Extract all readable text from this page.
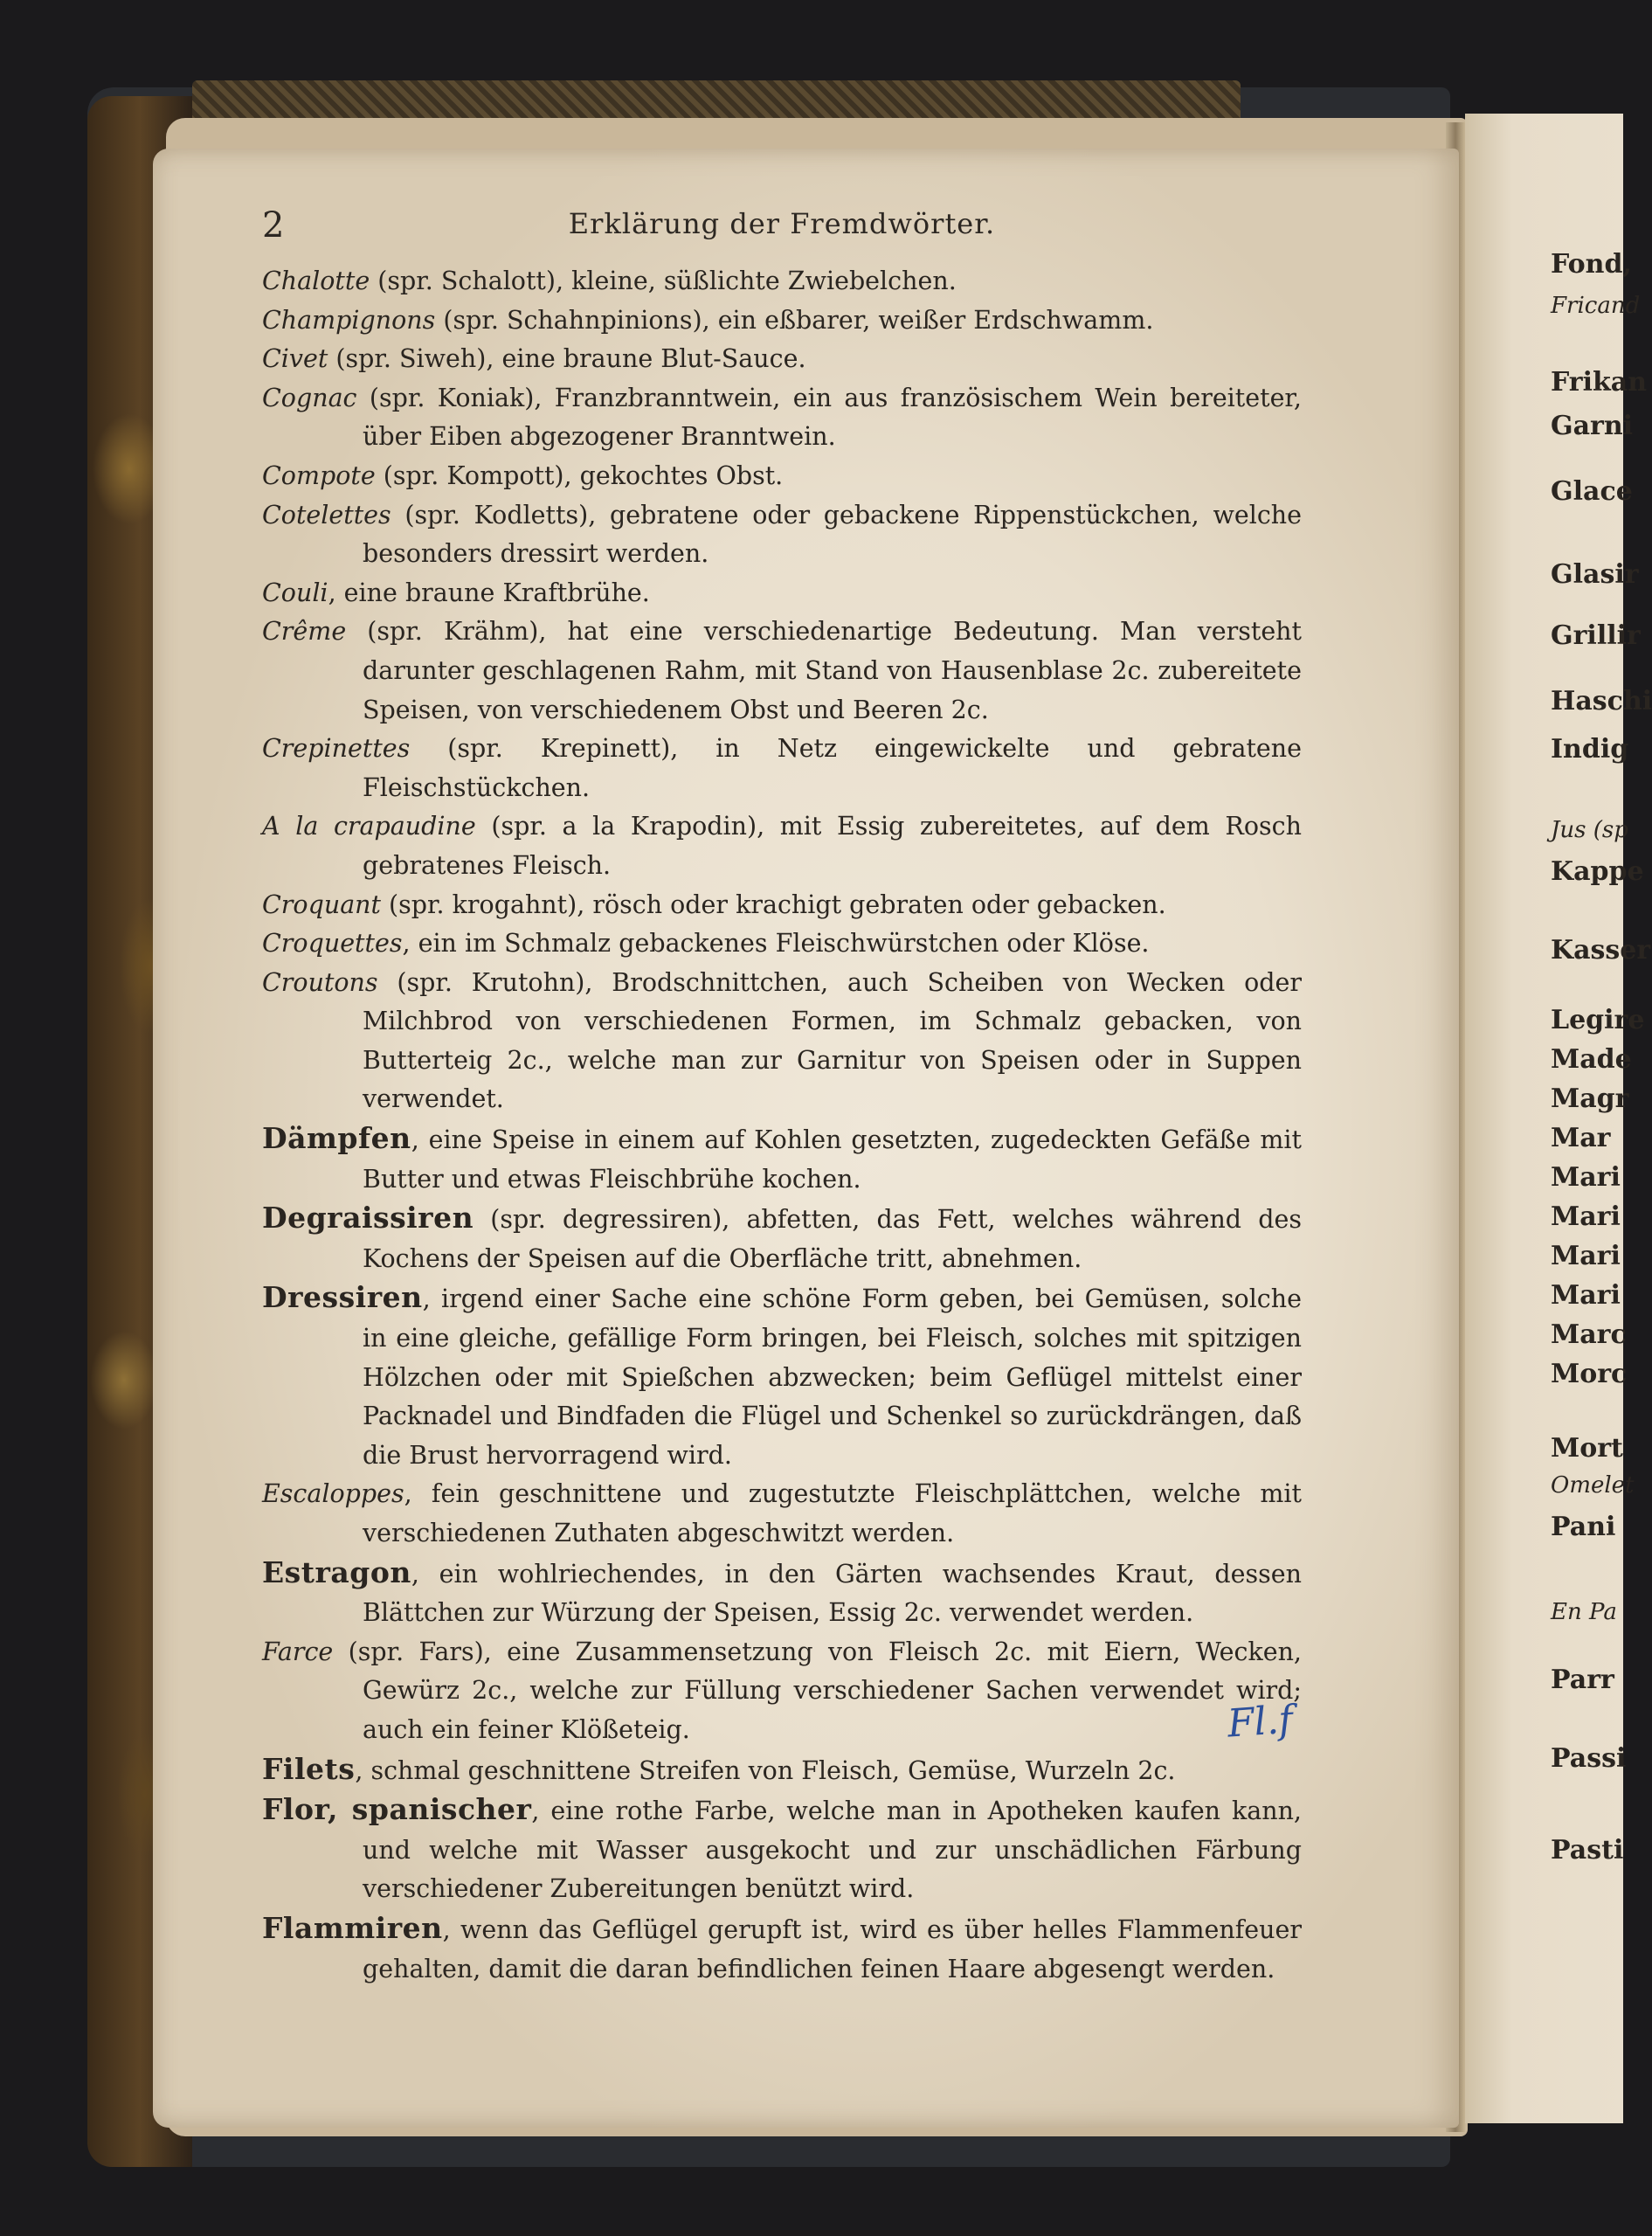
Fond,
Fricand
Frikan
Garni
Glace
Glasir
Grillir
Haschi
Indig
Jus (sp
Kappe
Kasser
Legire
Made
Magr
Mar
Mari
Mari
Mari
Mari
Marc
Morc
Mort
Omelet
Pani
En Pa
Parr
Passi
Pasti
2	Erklärung der Fremdwörter.

Chalotte (spr. Schalott), kleine, süßlichte Zwiebelchen.

Champignons (spr. Schahnpinions), ein eßbarer, weißer Erdschwamm.

Civet (spr. Siweh), eine braune Blut-Sauce.

Cognac (spr. Koniak), Franzbranntwein, ein aus französischem Wein bereiteter, über Eiben abgezogener Branntwein.

Compote (spr. Kompott), gekochtes Obst.

Cotelettes (spr. Kodletts), gebratene oder gebackene Rippenstückchen, welche besonders dressirt werden.

Couli, eine braune Kraftbrühe.

Crême (spr. Krähm), hat eine verschiedenartige Bedeutung. Man versteht darunter geschlagenen Rahm, mit Stand von Hausenblase 2c. zubereitete Speisen, von verschiedenem Obst und Beeren 2c.

Crepinettes (spr. Krepinett), in Netz eingewickelte und gebratene Fleischstückchen.

A la crapaudine (spr. a la Krapodin), mit Essig zubereitetes, auf dem Rosch gebratenes Fleisch.

Croquant (spr. krogahnt), rösch oder krachigt gebraten oder gebacken.

Croquettes, ein im Schmalz gebackenes Fleischwürstchen oder Klöse.

Croutons (spr. Krutohn), Brodschnittchen, auch Scheiben von Wecken oder Milchbrod von verschiedenen Formen, im Schmalz gebacken, von Butterteig 2c., welche man zur Garnitur von Speisen oder in Suppen verwendet.

Dämpfen, eine Speise in einem auf Kohlen gesetzten, zugedeckten Gefäße mit Butter und etwas Fleischbrühe kochen.

Degraissiren (spr. degressiren), abfetten, das Fett, welches während des Kochens der Speisen auf die Oberfläche tritt, abnehmen.

Dressiren, irgend einer Sache eine schöne Form geben, bei Gemüsen, solche in eine gleiche, gefällige Form bringen, bei Fleisch, solches mit spitzigen Hölzchen oder mit Spießchen abzwecken; beim Geflügel mittelst einer Packnadel und Bindfaden die Flügel und Schenkel so zurückdrängen, daß die Brust hervorragend wird.

Escaloppes, fein geschnittene und zugestutzte Fleischplättchen, welche mit verschiedenen Zuthaten abgeschwitzt werden.

Estragon, ein wohlriechendes, in den Gärten wachsendes Kraut, dessen Blättchen zur Würzung der Speisen, Essig 2c. verwendet werden.

Farce (spr. Fars), eine Zusammensetzung von Fleisch 2c. mit Eiern, Wecken, Gewürz 2c., welche zur Füllung verschiedener Sachen verwendet wird; auch ein feiner Klößeteig.

Filets, schmal geschnittene Streifen von Fleisch, Gemüse, Wurzeln 2c.

Flor, spanischer, eine rothe Farbe, welche man in Apotheken kaufen kann, und welche mit Wasser ausgekocht und zur unschädlichen Färbung verschiedener Zubereitungen benützt wird.

Flammiren, wenn das Geflügel gerupft ist, wird es über helles Flammenfeuer gehalten, damit die daran befindlichen feinen Haare abgesengt werden.

Fl.f
